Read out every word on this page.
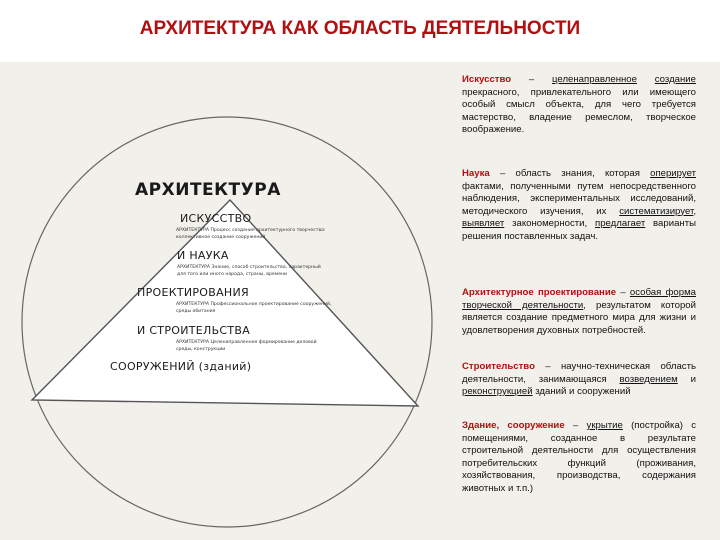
АРХИТЕКТУРА КАК ОБЛАСТЬ ДЕЯТЕЛЬНОСТИ
АРХИТЕКТУРА
ИСКУССТВО
АРХИТЕКТУРА Процесс создания архитектурного творчества:
коллективное создание сооружений
И НАУКА
АРХИТЕКТУРА Знание, способ строительства, характерный
для того или иного народа, страны, времени
ПРОЕКТИРОВАНИЯ
АРХИТЕКТУРА Профессиональное проектирование сооружений,
среды обитания
И СТРОИТЕЛЬСТВА
АРХИТЕКТУРА Целенаправленное формирование деловой
среды, конструкции
СООРУЖЕНИЙ (зданий)
Искусство – целенаправленное создание прекрасного, привлекательного или имеющего особый смысл объекта, для чего требуется мастерство, владение ремеслом, творческое воображение.
Наука – область знания, которая оперирует фактами, полученными путем непосредственного наблюдения, экспериментальных исследований, методического изучения, их систематизирует, выявляет закономерности, предлагает варианты решения поставленных задач.
Архитектурное проектирование – особая форма творческой деятельности, результатом которой является создание предметного мира для жизни и удовлетворения духовных потребностей.
Строительство – научно-техническая область деятельности, занимающаяся возведением и реконструкцией зданий и сооружений
Здание, сооружение – укрытие (постройка) с помещениями, созданное в результате строительной деятельности для осуществления потребительских функций (проживания, хозяйствования, производства, содержания животных и т.п.)
